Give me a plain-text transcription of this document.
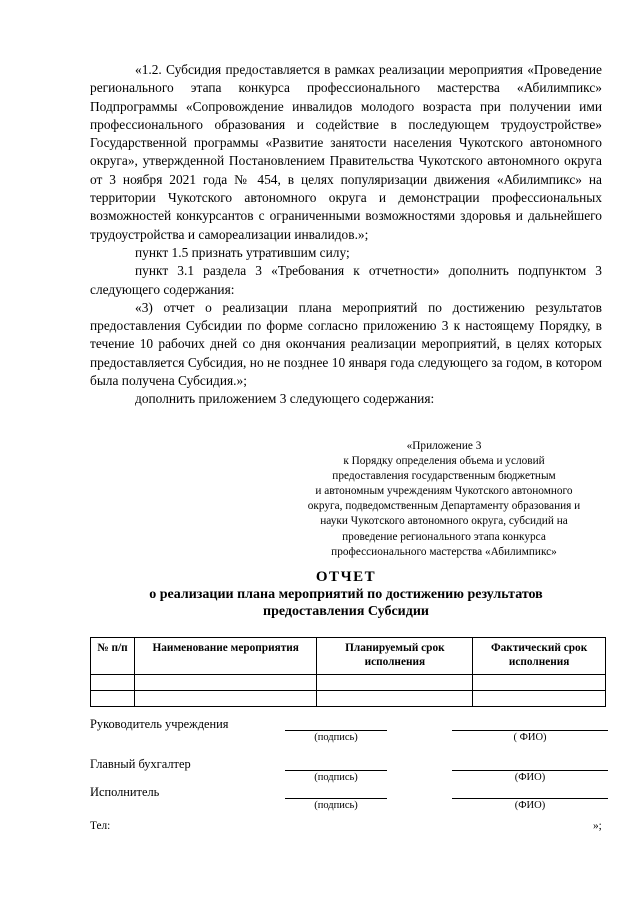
«1.2. Субсидия предоставляется в рамках реализации мероприятия «Проведение регионального этапа конкурса профессионального мастерства «Абилимпикс» Подпрограммы «Сопровождение инвалидов молодого возраста при получении ими профессионального образования и содействие в последующем трудоустройстве» Государственной программы «Развитие занятости населения Чукотского автономного округа», утвержденной Постановлением Правительства Чукотского автономного округа от 3 ноября 2021 года № 454, в целях популяризации движения «Абилимпикс» на территории Чукотского автономного округа и демонстрации профессиональных возможностей конкурсантов с ограниченными возможностями здоровья и дальнейшего трудоустройства и самореализации инвалидов.»;

пункт 1.5 признать утратившим силу;

пункт 3.1 раздела 3 «Требования к отчетности» дополнить подпунктом 3 следующего содержания:

«3) отчет о реализации плана мероприятий по достижению результатов предоставления Субсидии по форме согласно приложению 3 к настоящему Порядку, в течение 10 рабочих дней со дня окончания реализации мероприятий, в целях которых предоставляется Субсидия, но не позднее 10 января года следующего за годом, в котором была получена Субсидия.»;

дополнить приложением 3 следующего содержания:

«Приложение 3
к Порядку определения объема и условий
предоставления государственным бюджетным
и автономным учреждениям Чукотского автономного
округа, подведомственным Департаменту образования и
науки Чукотского автономного округа, субсидий на
проведение регионального этапа конкурса
профессионального мастерства «Абилимпикс»
ОТЧЕТ
о реализации плана мероприятий по достижению результатов
предоставления Субсидии
№ п/п	Наименование мероприятия	Планируемый срок исполнения	Фактический срок исполнения

Руководитель учреждения
(подпись)	( ФИО)
Главный бухгалтер
(подпись)	(ФИО)
Исполнитель
(подпись)	(ФИО)
Тел:	»;
